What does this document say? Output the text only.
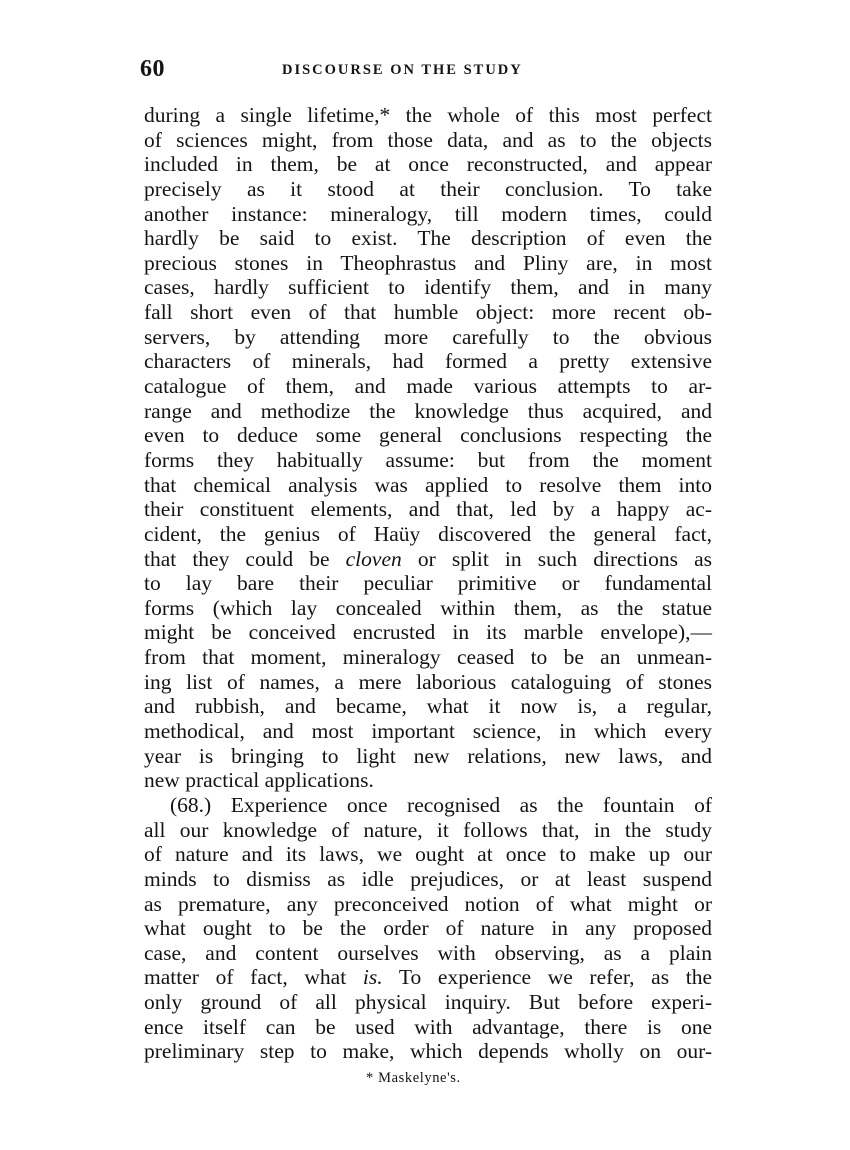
60	DISCOURSE ON THE STUDY
during a single lifetime,* the whole of this most perfect
of sciences might, from those data, and as to the objects
included in them, be at once reconstructed, and appear
precisely as it stood at their conclusion. To take
another instance: mineralogy, till modern times, could
hardly be said to exist. The description of even the
precious stones in Theophrastus and Pliny are, in most
cases, hardly sufficient to identify them, and in many
fall short even of that humble object: more recent ob-
servers, by attending more carefully to the obvious
characters of minerals, had formed a pretty extensive
catalogue of them, and made various attempts to ar-
range and methodize the knowledge thus acquired, and
even to deduce some general conclusions respecting the
forms they habitually assume: but from the moment
that chemical analysis was applied to resolve them into
their constituent elements, and that, led by a happy ac-
cident, the genius of Haüy discovered the general fact,
that they could be cloven or split in such directions as
to lay bare their peculiar primitive or fundamental
forms (which lay concealed within them, as the statue
might be conceived encrusted in its marble envelope),—
from that moment, mineralogy ceased to be an unmean-
ing list of names, a mere laborious cataloguing of stones
and rubbish, and became, what it now is, a regular,
methodical, and most important science, in which every
year is bringing to light new relations, new laws, and
new practical applications.
(68.) Experience once recognised as the fountain of
all our knowledge of nature, it follows that, in the study
of nature and its laws, we ought at once to make up our
minds to dismiss as idle prejudices, or at least suspend
as premature, any preconceived notion of what might or
what ought to be the order of nature in any proposed
case, and content ourselves with observing, as a plain
matter of fact, what is. To experience we refer, as the
only ground of all physical inquiry. But before experi-
ence itself can be used with advantage, there is one
preliminary step to make, which depends wholly on our-
* Maskelyne's.
